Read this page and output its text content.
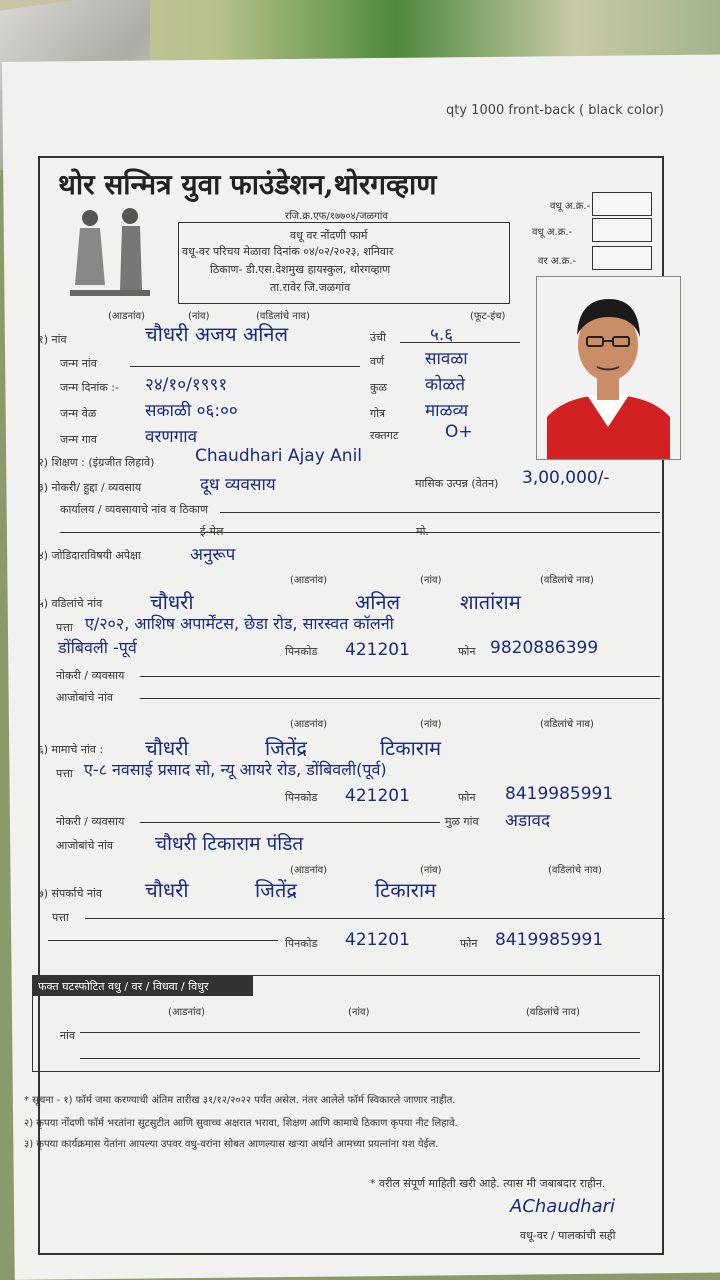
qty 1000 front-back ( black color)
थोर सन्मित्र युवा फाउंडेशन,थोरगव्हाण
रजि.क्र.एफ/१७७०४/जळगांव
वधू अ.क्र.-
वधू अ.क्र.-
वर अ.क्र.-
वधू वर नोंदणी फार्म
वधू-वर परिचय मेळावा दिनांक ०४/०२/२०२३, शनिवार
ठिकाण- डी.एस.देशमुख हायस्कुल, थोरगव्हाण
ता.रावेर जि.जळगांव
(आडनांव)	(नांव)	(वडिलांचे नाव)	(फूट-इंच)
१) नांव	चौधरी अजय अनिल	उंची	५.६
जन्म नांव	वर्ण सावळा
जन्म दिनांक :- २४/१०/१९९१	कुळ कोळते
जन्म वेळ	सकाळी ०६:००	गोत्र माळव्य
जन्म गाव	वरणगाव	रक्तगट	O+
२) शिक्षण : (इंग्रजीत लिहावे) Chaudhari Ajay Anil
३) नोकरी/ हुद्दा / व्यवसाय	दूध व्यवसाय	मासिक उत्पन्न (वेतन) 3,00,000/-
कार्यालय / व्यवसायाचे नांव व ठिकाण
ई-मेल	मो.
४) जोडिदाराविषयी अपेक्षा	अनुरूप
(आडनांव)	(नांव)	(वडिलांचे नाव)
५) वडिलांचे नांव चौधरी	अनिल	शातांराम
पत्ता ए/२०२, आशिष अपार्मेंटस, छेडा रोड, सारस्वत कॉलनी
डोंबिवली -पूर्व	पिनकोड 421201	फोन 9820886399
नोकरी / व्यवसाय
आजोबांचे नांव
(आडनांव)	(नांव)	(वडिलांचे नाव)
६) मामाचे नांव : चौधरी	जितेंद्र	टिकाराम
पत्ता ए-८ नवसाई प्रसाद सो, न्यू आयरे रोड, डोंबिवली(पूर्व)
पिनकोड 421201	फोन 8419985991
नोकरी / व्यवसाय	मुळ गांव अडावद
आजोबांचे नांव चौधरी टिकाराम पंडित
(आडनांव)	(नांव)	(वडिलांचे नाव)
७) संपर्काचे नांव चौधरी	जितेंद्र	टिकाराम
पत्ता
पिनकोड 421201	फोन 8419985991
फक्त घटस्फोटित वधु / वर / विधवा / विधुर
(आडनांव)	(नांव)	(वडिलांचे नाव)
नांव
* सूचना - १) फॉर्म जमा करण्याची अंतिम तारीख ३१/१२/२०२२ पर्यंत असेल. नंतर आलेले फॉर्म स्विकारले जाणार नाहीत.
२) कृपया नोंदणी फॉर्म भरतांना सुटसुटीत आणि सुवाच्च अक्षरात भरावा, शिक्षण आणि कामाचे ठिकाण कृपया नीट लिहावे.
३) कृपया कार्यक्रमास येतांना आपल्या उपवर वधु-वरांना सोबत आणल्यास खऱ्या अर्थाने आमच्या प्रयत्नांना यश येईल.
* वरील संपूर्ण माहिती खरी आहे. त्यास मी जबाबदार राहीन.
AChaudhari
वधू-वर / पालकांची सही
